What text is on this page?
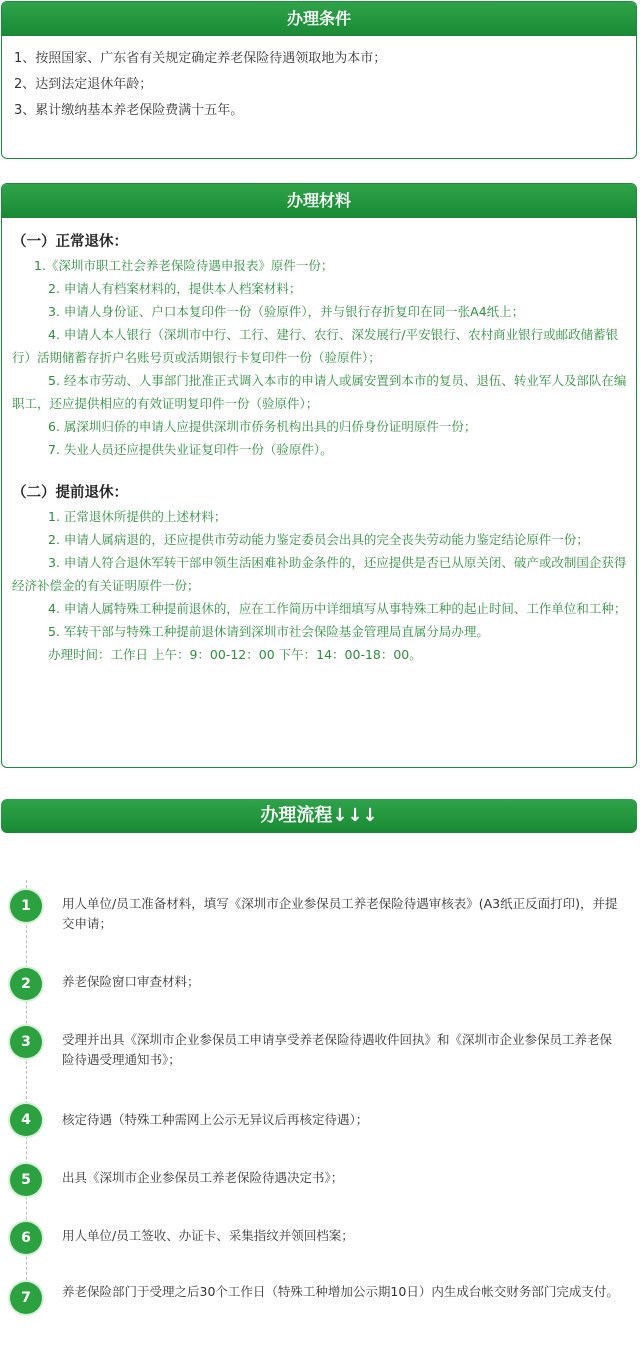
办理条件
1、按照国家、广东省有关规定确定养老保险待遇领取地为本市；
2、达到法定退休年龄；
3、累计缴纳基本养老保险费满十五年。
办理材料
（一）正常退休：

1.《深圳市职工社会养老保险待遇申报表》原件一份；

2. 申请人有档案材料的，提供本人档案材料；

3. 申请人身份证、户口本复印件一份（验原件），并与银行存折复印在同一张A4纸上；

4. 申请人本人银行（深圳市中行、工行、建行、农行、深发展行/平安银行、农村商业银行或邮政储蓄银行）活期储蓄存折户名账号页或活期银行卡复印件一份（验原件）；

5. 经本市劳动、人事部门批准正式调入本市的申请人或属安置到本市的复员、退伍、转业军人及部队在编职工，还应提供相应的有效证明复印件一份（验原件）；

6. 属深圳归侨的申请人应提供深圳市侨务机构出具的归侨身份证明原件一份；

7. 失业人员还应提供失业证复印件一份（验原件）。

（二）提前退休：

1. 正常退休所提供的上述材料；

2. 申请人属病退的，还应提供市劳动能力鉴定委员会出具的完全丧失劳动能力鉴定结论原件一份；

3. 申请人符合退休军转干部申领生活困难补助金条件的，还应提供是否已从原关闭、破产或改制国企获得经济补偿金的有关证明原件一份；

4. 申请人属特殊工种提前退休的，应在工作简历中详细填写从事特殊工种的起止时间、工作单位和工种；

5. 军转干部与特殊工种提前退休请到深圳市社会保险基金管理局直属分局办理。

办理时间：工作日 上午：9：00-12：00 下午：14：00-18：00。

办理流程↓↓↓
1	用人单位/员工准备材料，填写《深圳市企业参保员工养老保险待遇审核表》(A3纸正反面打印)，并提交申请；
2	养老保险窗口审查材料；
3	受理并出具《深圳市企业参保员工申请享受养老保险待遇收件回执》和《深圳市企业参保员工养老保险待遇受理通知书》；
4	核定待遇（特殊工种需网上公示无异议后再核定待遇）；
5	出具《深圳市企业参保员工养老保险待遇决定书》；
6	用人单位/员工签收、办证卡、采集指纹并领回档案；
7	养老保险部门于受理之后30个工作日（特殊工种增加公示期10日）内生成台帐交财务部门完成支付。
